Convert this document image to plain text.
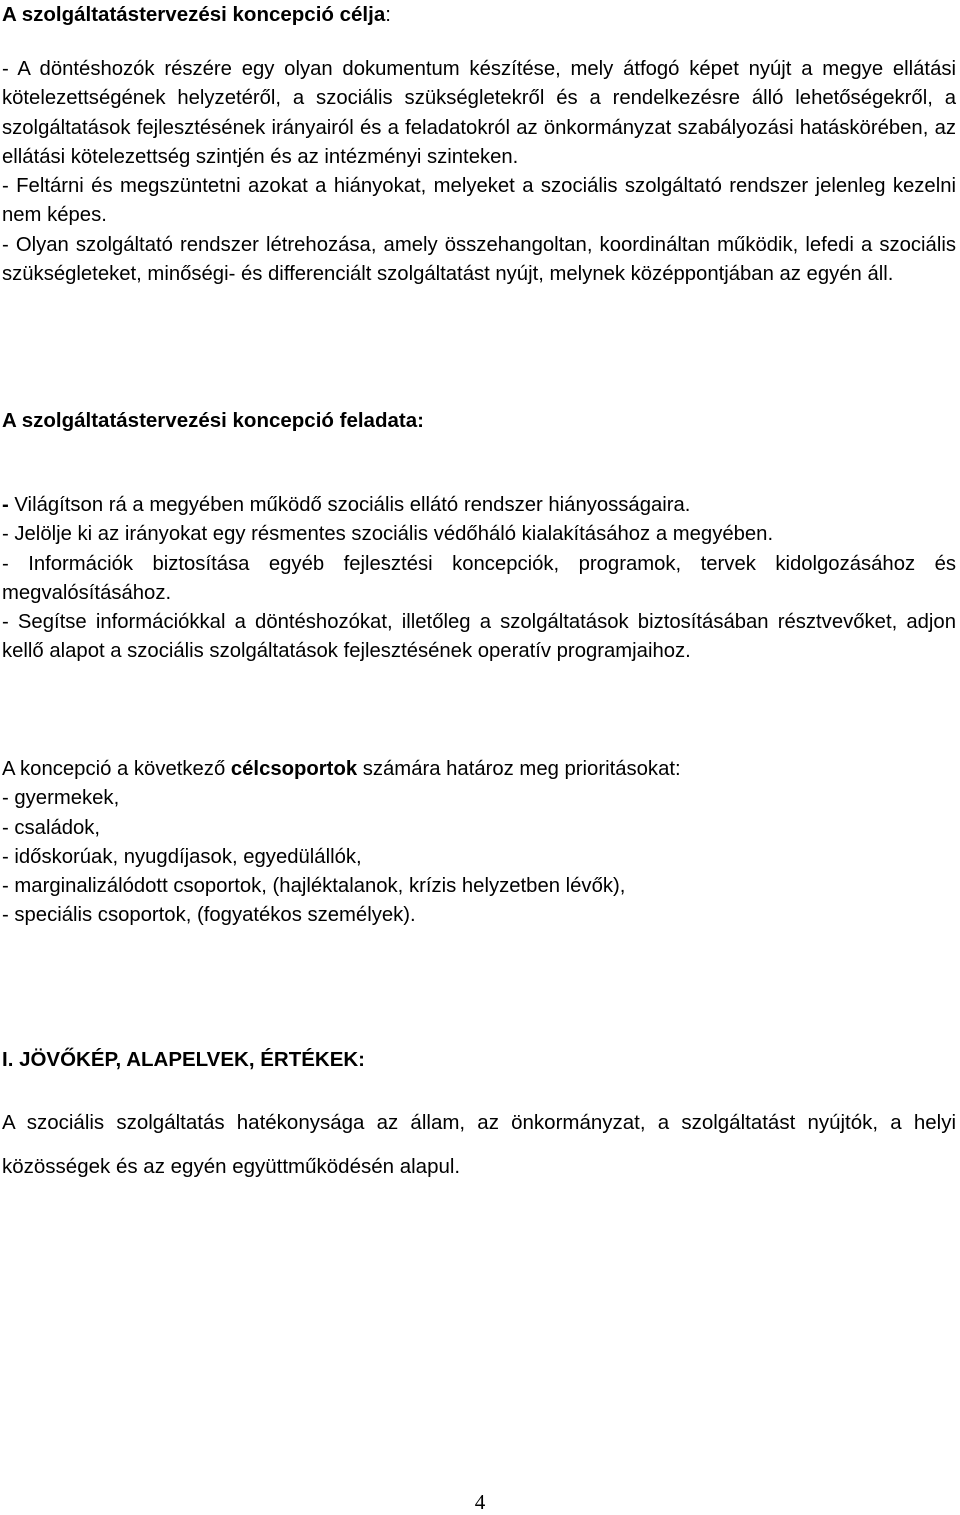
A szolgáltatástervezési koncepció célja:

- A döntéshozók részére egy olyan dokumentum készítése, mely átfogó képet nyújt a megye ellátási kötelezettségének helyzetéről, a szociális szükségletekről és a rendelkezésre álló lehetőségekről, a szolgáltatások fejlesztésének irányairól és a feladatokról az önkormányzat szabályozási hatáskörében, az ellátási kötelezettség szintjén és az intézményi szinteken.

- Feltárni és megszüntetni azokat a hiányokat, melyeket a szociális szolgáltató rendszer jelenleg kezelni nem képes.

- Olyan szolgáltató rendszer létrehozása, amely összehangoltan, koordináltan működik, lefedi a szociális szükségleteket, minőségi- és differenciált szolgáltatást nyújt, melynek középpontjában az egyén áll.

A szolgáltatástervezési koncepció feladata:

- Világítson rá a megyében működő szociális ellátó rendszer hiányosságaira.

- Jelölje ki az irányokat egy résmentes szociális védőháló kialakításához a megyében.

- Információk biztosítása egyéb fejlesztési koncepciók, programok, tervek kidolgozásához és megvalósításához.

- Segítse információkkal a döntéshozókat, illetőleg a szolgáltatások biztosításában résztvevőket, adjon kellő alapot a szociális szolgáltatások fejlesztésének operatív programjaihoz.

A koncepció a következő célcsoportok számára határoz meg prioritásokat:

- gyermekek,

- családok,

- időskorúak, nyugdíjasok, egyedülállók,

- marginalizálódott csoportok, (hajléktalanok, krízis helyzetben lévők),

- speciális csoportok, (fogyatékos személyek).

I. JÖVŐKÉP, ALAPELVEK, ÉRTÉKEK:
A szociális szolgáltatás hatékonysága az állam, az önkormányzat, a szolgáltatást nyújtók, a helyi közösségek és az egyén együttműködésén alapul.
4
